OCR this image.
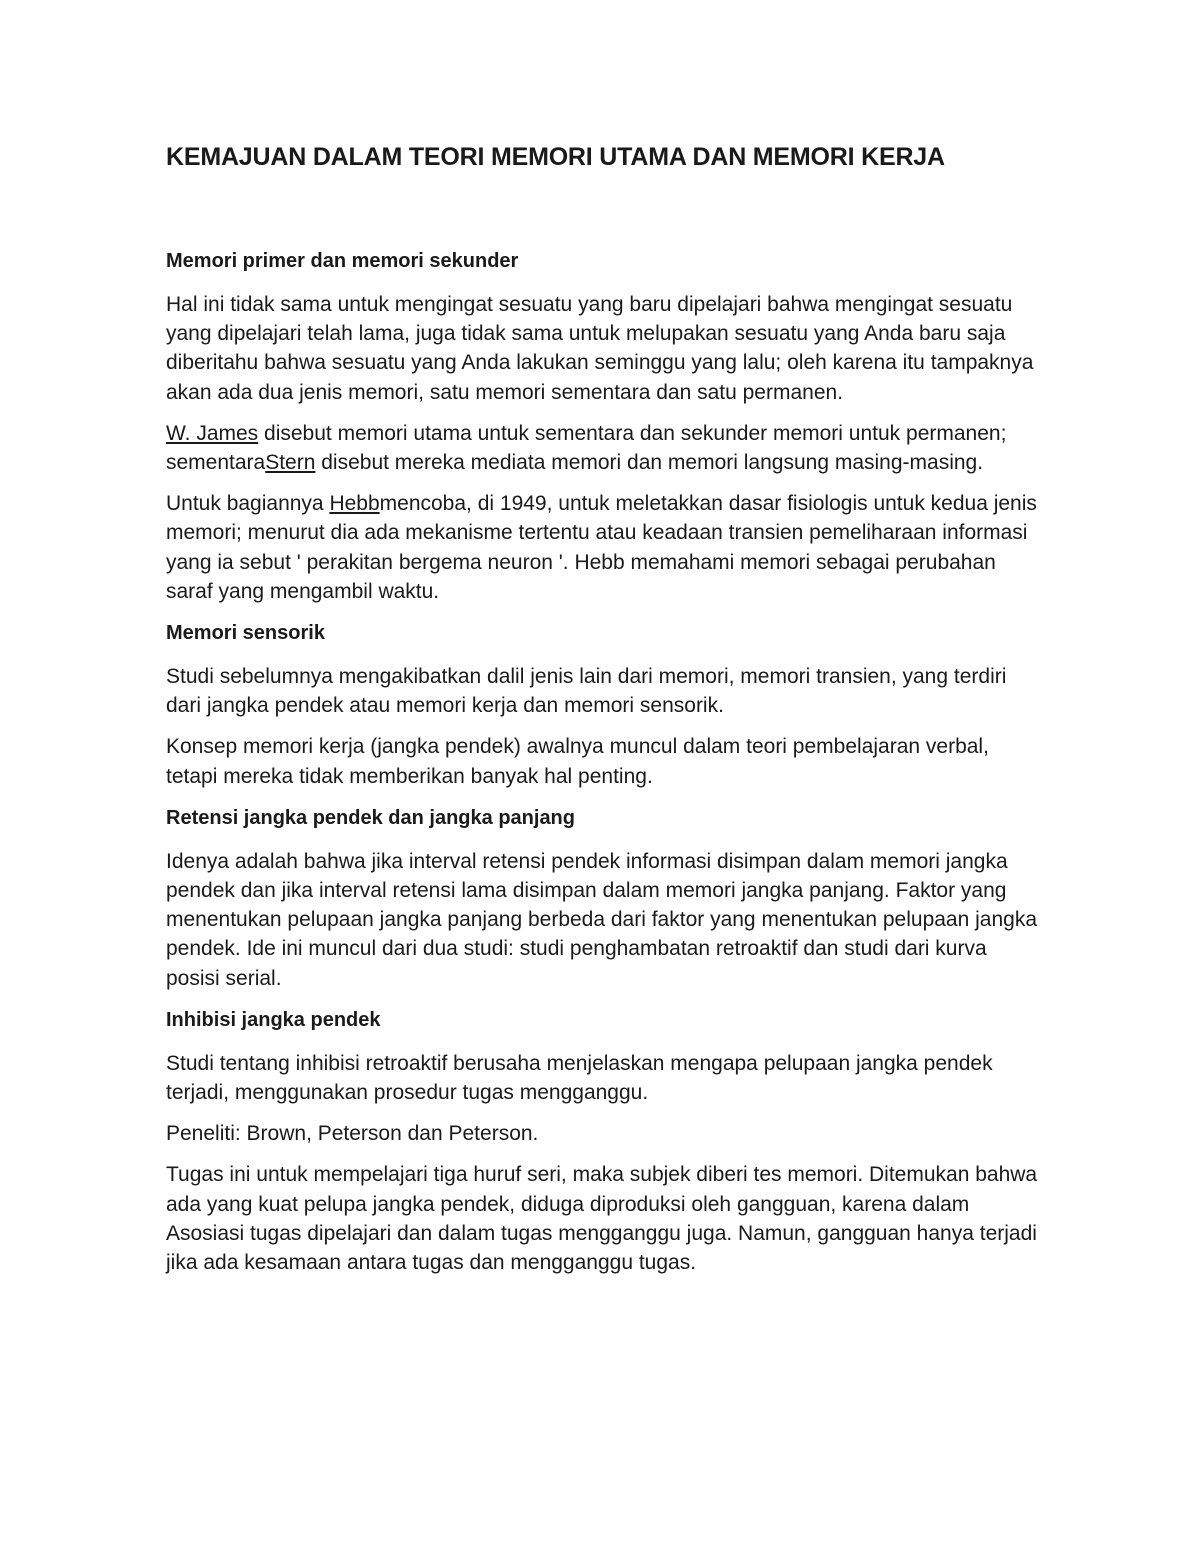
KEMAJUAN DALAM TEORI MEMORI UTAMA DAN MEMORI KERJA
Memori primer dan memori sekunder

Hal ini tidak sama untuk mengingat sesuatu yang baru dipelajari bahwa mengingat sesuatu yang dipelajari telah lama, juga tidak sama untuk melupakan sesuatu yang Anda baru saja diberitahu bahwa sesuatu yang Anda lakukan seminggu yang lalu; oleh karena itu tampaknya akan ada dua jenis memori, satu memori sementara dan satu permanen.

W. James disebut memori utama untuk sementara dan sekunder memori untuk permanen; sementaraStern disebut mereka mediata memori dan memori langsung masing-masing.

Untuk bagiannya Hebbmencoba, di 1949, untuk meletakkan dasar fisiologis untuk kedua jenis memori; menurut dia ada mekanisme tertentu atau keadaan transien pemeliharaan informasi yang ia sebut ' perakitan bergema neuron '. Hebb memahami memori sebagai perubahan saraf yang mengambil waktu.

Memori sensorik

Studi sebelumnya mengakibatkan dalil jenis lain dari memori, memori transien, yang terdiri dari jangka pendek atau memori kerja dan memori sensorik.

Konsep memori kerja (jangka pendek) awalnya muncul dalam teori pembelajaran verbal, tetapi mereka tidak memberikan banyak hal penting.

Retensi jangka pendek dan jangka panjang

Idenya adalah bahwa jika interval retensi pendek informasi disimpan dalam memori jangka pendek dan jika interval retensi lama disimpan dalam memori jangka panjang. Faktor yang menentukan pelupaan jangka panjang berbeda dari faktor yang menentukan pelupaan jangka pendek. Ide ini muncul dari dua studi: studi penghambatan retroaktif dan studi dari kurva posisi serial.

Inhibisi jangka pendek

Studi tentang inhibisi retroaktif berusaha menjelaskan mengapa pelupaan jangka pendek terjadi, menggunakan prosedur tugas mengganggu.

Peneliti: Brown, Peterson dan Peterson.

Tugas ini untuk mempelajari tiga huruf seri, maka subjek diberi tes memori. Ditemukan bahwa ada yang kuat pelupa jangka pendek, diduga diproduksi oleh gangguan, karena dalam Asosiasi tugas dipelajari dan dalam tugas mengganggu juga. Namun, gangguan hanya terjadi jika ada kesamaan antara tugas dan mengganggu tugas.
